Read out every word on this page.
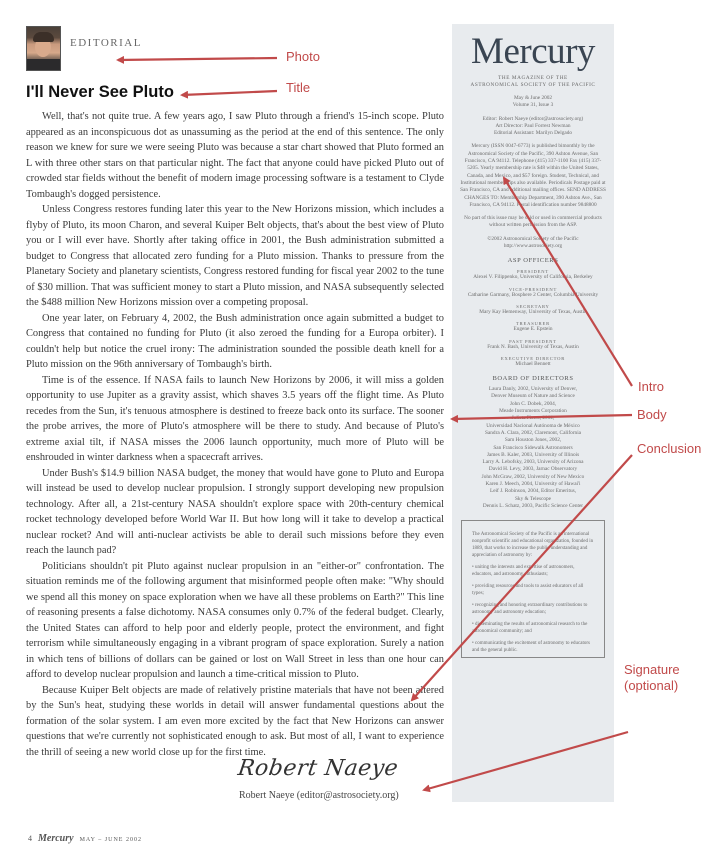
editorial
I'll Never See Pluto

Well, that's not quite true. A few years ago, I saw Pluto through a friend's 15-inch scope. Pluto appeared as an inconspicuous dot as unassuming as the period at the end of this sentence. The only reason we knew for sure we were seeing Pluto was because a star chart showed that Pluto formed an L with three other stars on that particular night. The fact that anyone could have picked Pluto out of crowded star fields without the benefit of modern image processing software is a testament to Clyde Tombaugh's dogged persistence.

Unless Congress restores funding later this year to the New Horizons mission, which includes a flyby of Pluto, its moon Charon, and several Kuiper Belt objects, that's about the best view of Pluto you or I will ever have. Shortly after taking office in 2001, the Bush administration submitted a budget to Congress that allocated zero funding for a Pluto mission. Thanks to pressure from the Planetary Society and planetary scientists, Congress restored funding for fiscal year 2002 to the tune of $30 million. That was sufficient money to start a Pluto mission, and NASA subsequently selected the $488 million New Horizons mission over a competing proposal.

One year later, on February 4, 2002, the Bush administration once again submitted a budget to Congress that contained no funding for Pluto (it also zeroed the funding for a Europa orbiter). I couldn't help but notice the cruel irony: The administration sounded the possible death knell for a Pluto mission on the 96th anniversary of Tombaugh's birth.

Time is of the essence. If NASA fails to launch New Horizons by 2006, it will miss a golden opportunity to use Jupiter as a gravity assist, which shaves 3.5 years off the flight time. As Pluto recedes from the Sun, it's tenuous atmosphere is destined to freeze back onto its surface. The sooner the probe arrives, the more of Pluto's atmosphere will be there to study. And because of Pluto's extreme axial tilt, if NASA misses the 2006 launch opportunity, much more of Pluto will be enshrouded in winter darkness when a spacecraft arrives.

Under Bush's $14.9 billion NASA budget, the money that would have gone to Pluto and Europa will instead be used to develop nuclear propulsion. I strongly support developing new propulsion technology. After all, a 21st-century NASA shouldn't explore space with 20th-century chemical rocket technology developed before World War II. But how long will it take to develop a practical nuclear rocket? And will anti-nuclear activists be able to derail such missions before they even reach the launch pad?

Politicians shouldn't pit Pluto against nuclear propulsion in an "either-or" confrontation. The situation reminds me of the following argument that misinformed people often make: "Why should we spend all this money on space exploration when we have all these problems on Earth?" This line of reasoning presents a false dichotomy. NASA consumes only 0.7% of the federal budget. Clearly, the United States can afford to help poor and elderly people, protect the environment, and fight terrorism while simultaneously engaging in a vibrant program of space exploration. Surely a nation in which tens of billions of dollars can be gained or lost on Wall Street in less than one hour can afford to develop nuclear propulsion and launch a time-critical mission to Pluto.

Because Kuiper Belt objects are made of relatively pristine materials that have not been altered by the Sun's heat, studying these worlds in detail will answer fundamental questions about the formation of the solar system. I am even more excited by the fact that New Horizons can answer questions that we're currently not sophisticated enough to ask. But most of all, I want to experience the thrill of seeing a new world close up for the first time.

Robert Naeye
Robert Naeye (editor@astrosociety.org)
4 Mercury MAY – JUNE 2002
Mercury
THE MAGAZINE OF THE
ASTRONOMICAL SOCIETY OF THE PACIFIC
May & June 2002
Volume 31, Issue 3
Editor: Robert Naeye (editor@astrosociety.org)
Art Director: Paul Forrest Newman
Editorial Assistant: Marilyn Delgado
Mercury (ISSN 0047-6773) is published bimonthly by the Astronomical Society of the Pacific, 390 Ashton Avenue, San Francisco, CA 94112. Telephone (415) 337-1100 Fax (415) 337-5205. Yearly membership rate is $48 within the United States, Canada, and Mexico, and $57 foreign. Student, Technical, and Institutional memberships also available. Periodicals Postage paid at San Francisco, CA and additional mailing offices. SEND ADDRESS CHANGES TO: Membership Department, 390 Ashton Ave., San Francisco, CA 94112. Postal identification number 9848800
No part of this issue may be sold or used in commercial products without written permission from the ASP.
©2002 Astronomical Society of the Pacific
http://www.astrosociety.org
ASP OFFICERS
PRESIDENT
Alexei V. Filippenko, University of California, Berkeley
VICE-PRESIDENT
Catharine Garmany, Bosphere 2 Center, Columbia University
SECRETARY
Mary Kay Hemenway, University of Texas, Austin
TREASURER
Eugene E. Epstein
PAST PRESIDENT
Frank N. Bash, University of Texas, Austin
EXECUTIVE DIRECTOR
Michael Bennett
BOARD OF DIRECTORS
Laura Danly, 2002, University of Denver,
Denver Museum of Nature and Science
John C. Dobek, 2004,
Meade Instruments Corporation
Julieta Fierro, 2002,
Universidad Nacional Autónoma de México
Sandra A. Clara, 2002, Claremont, California
Sam Houston Jones, 2002,
San Francisco Sidewalk Astronomers
James B. Kaler, 2003, University of Illinois
Larry A. Lebofsky, 2003, University of Arizona
David H. Levy, 2003, Jarnac Observatory
John McGraw, 2002, University of New Mexico
Karen J. Meech, 2004, University of Hawai'i
Leif J. Robinson, 2004, Editor Emeritus,
Sky & Telescope
Dennis L. Schatz, 2003, Pacific Science Center
The Astronomical Society of the Pacific is an international nonprofit scientific and educational organization, founded in 1889, that works to increase the public understanding and appreciation of astronomy by:
• uniting the interests and expertise of astronomers, educators, and astronomy enthusiasts;
• providing resources and tools to assist educators of all types;
• recognizing and honoring extraordinary contributions to astronomy and astronomy education;
• disseminating the results of astronomical research to the astronomical community; and
• communicating the excitement of astronomy to educators and the general public.
Photo
Title
Intro
Body
Conclusion
Signature
(optional)
